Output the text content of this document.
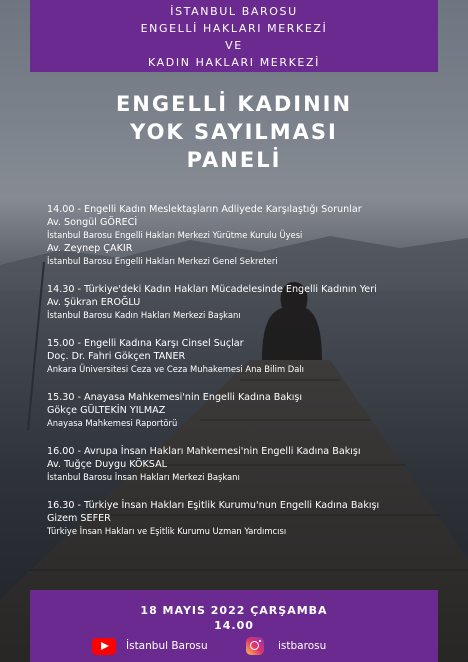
İSTANBUL BAROSU
ENGELLİ HAKLARI MERKEZİ
VE
KADIN HAKLARI MERKEZİ
ENGELLİ KADININ
YOK SAYILMASI
PANELİ
14.00 - Engelli Kadın Meslektaşların Adliyede Karşılaştığı Sorunlar
Av. Songül GÖRECİ
İstanbul Barosu Engelli Hakları Merkezi Yürütme Kurulu Üyesi
Av. Zeynep ÇAKIR
İstanbul Barosu Engelli Hakları Merkezi Genel Sekreteri
14.30 - Türkiye'deki Kadın Hakları Mücadelesinde Engelli Kadının Yeri
Av. Şükran EROĞLU
İstanbul Barosu Kadın Hakları Merkezi Başkanı
15.00 - Engelli Kadına Karşı Cinsel Suçlar
Doç. Dr. Fahri Gökçen TANER
Ankara Üniversitesi Ceza ve Ceza Muhakemesi Ana Bilim Dalı
15.30 - Anayasa Mahkemesi'nin Engelli Kadına Bakışı
Gökçe GÜLTEKİN YILMAZ
Anayasa Mahkemesi Raportörü
16.00 - Avrupa İnsan Hakları Mahkemesi'nin Engelli Kadına Bakışı
Av. Tuğçe Duygu KÖKSAL
İstanbul Barosu İnsan Hakları Merkezi Başkanı
16.30 - Türkiye İnsan Hakları Eşitlik Kurumu'nun Engelli Kadına Bakışı
Gizem SEFER
Türkiye İnsan Hakları ve Eşitlik Kurumu Uzman Yardımcısı
18 MAYIS 2022 ÇARŞAMBA
14.00
İstanbul Barosu	istbarosu
